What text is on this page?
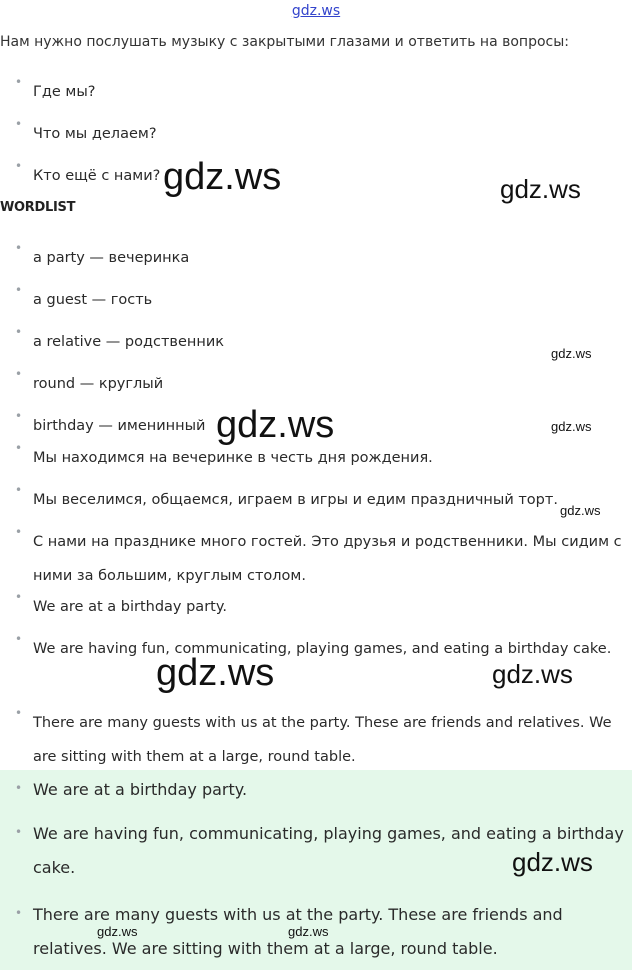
gdz.ws
Нам нужно послушать музыку с закрытыми глазами и ответить на вопросы:
•
Где мы?
•
Что мы делаем?
•
Кто ещё с нами?
WORDLIST
•
a party — вечеринка
•
a guest — гость
•
a relative — родственник
•
round — круглый
•
birthday — именинный
•
Мы находимся на вечеринке в честь дня рождения.
•
Мы веселимся, общаемся, играем в игры и едим праздничный торт.
•
С нами на празднике много гостей. Это друзья и родственники. Мы сидим с ними за большим, круглым столом.
•
We are at a birthday party.
•
We are having fun, communicating, playing games, and eating a birthday cake.
•
There are many guests with us at the party. These are friends and relatives. We are sitting with them at a large, round table.
• We are at a birthday party.
• We are having fun, communicating, playing games, and eating a birthday cake.
• There are many guests with us at the party. These are friends and relatives. We are sitting with them at a large, round table.
gdz.ws	gdz.ws
gdz.ws
gdz.ws	gdz.ws
gdz.ws
gdz.ws	gdz.ws
gdz.ws
gdz.ws	gdz.ws
